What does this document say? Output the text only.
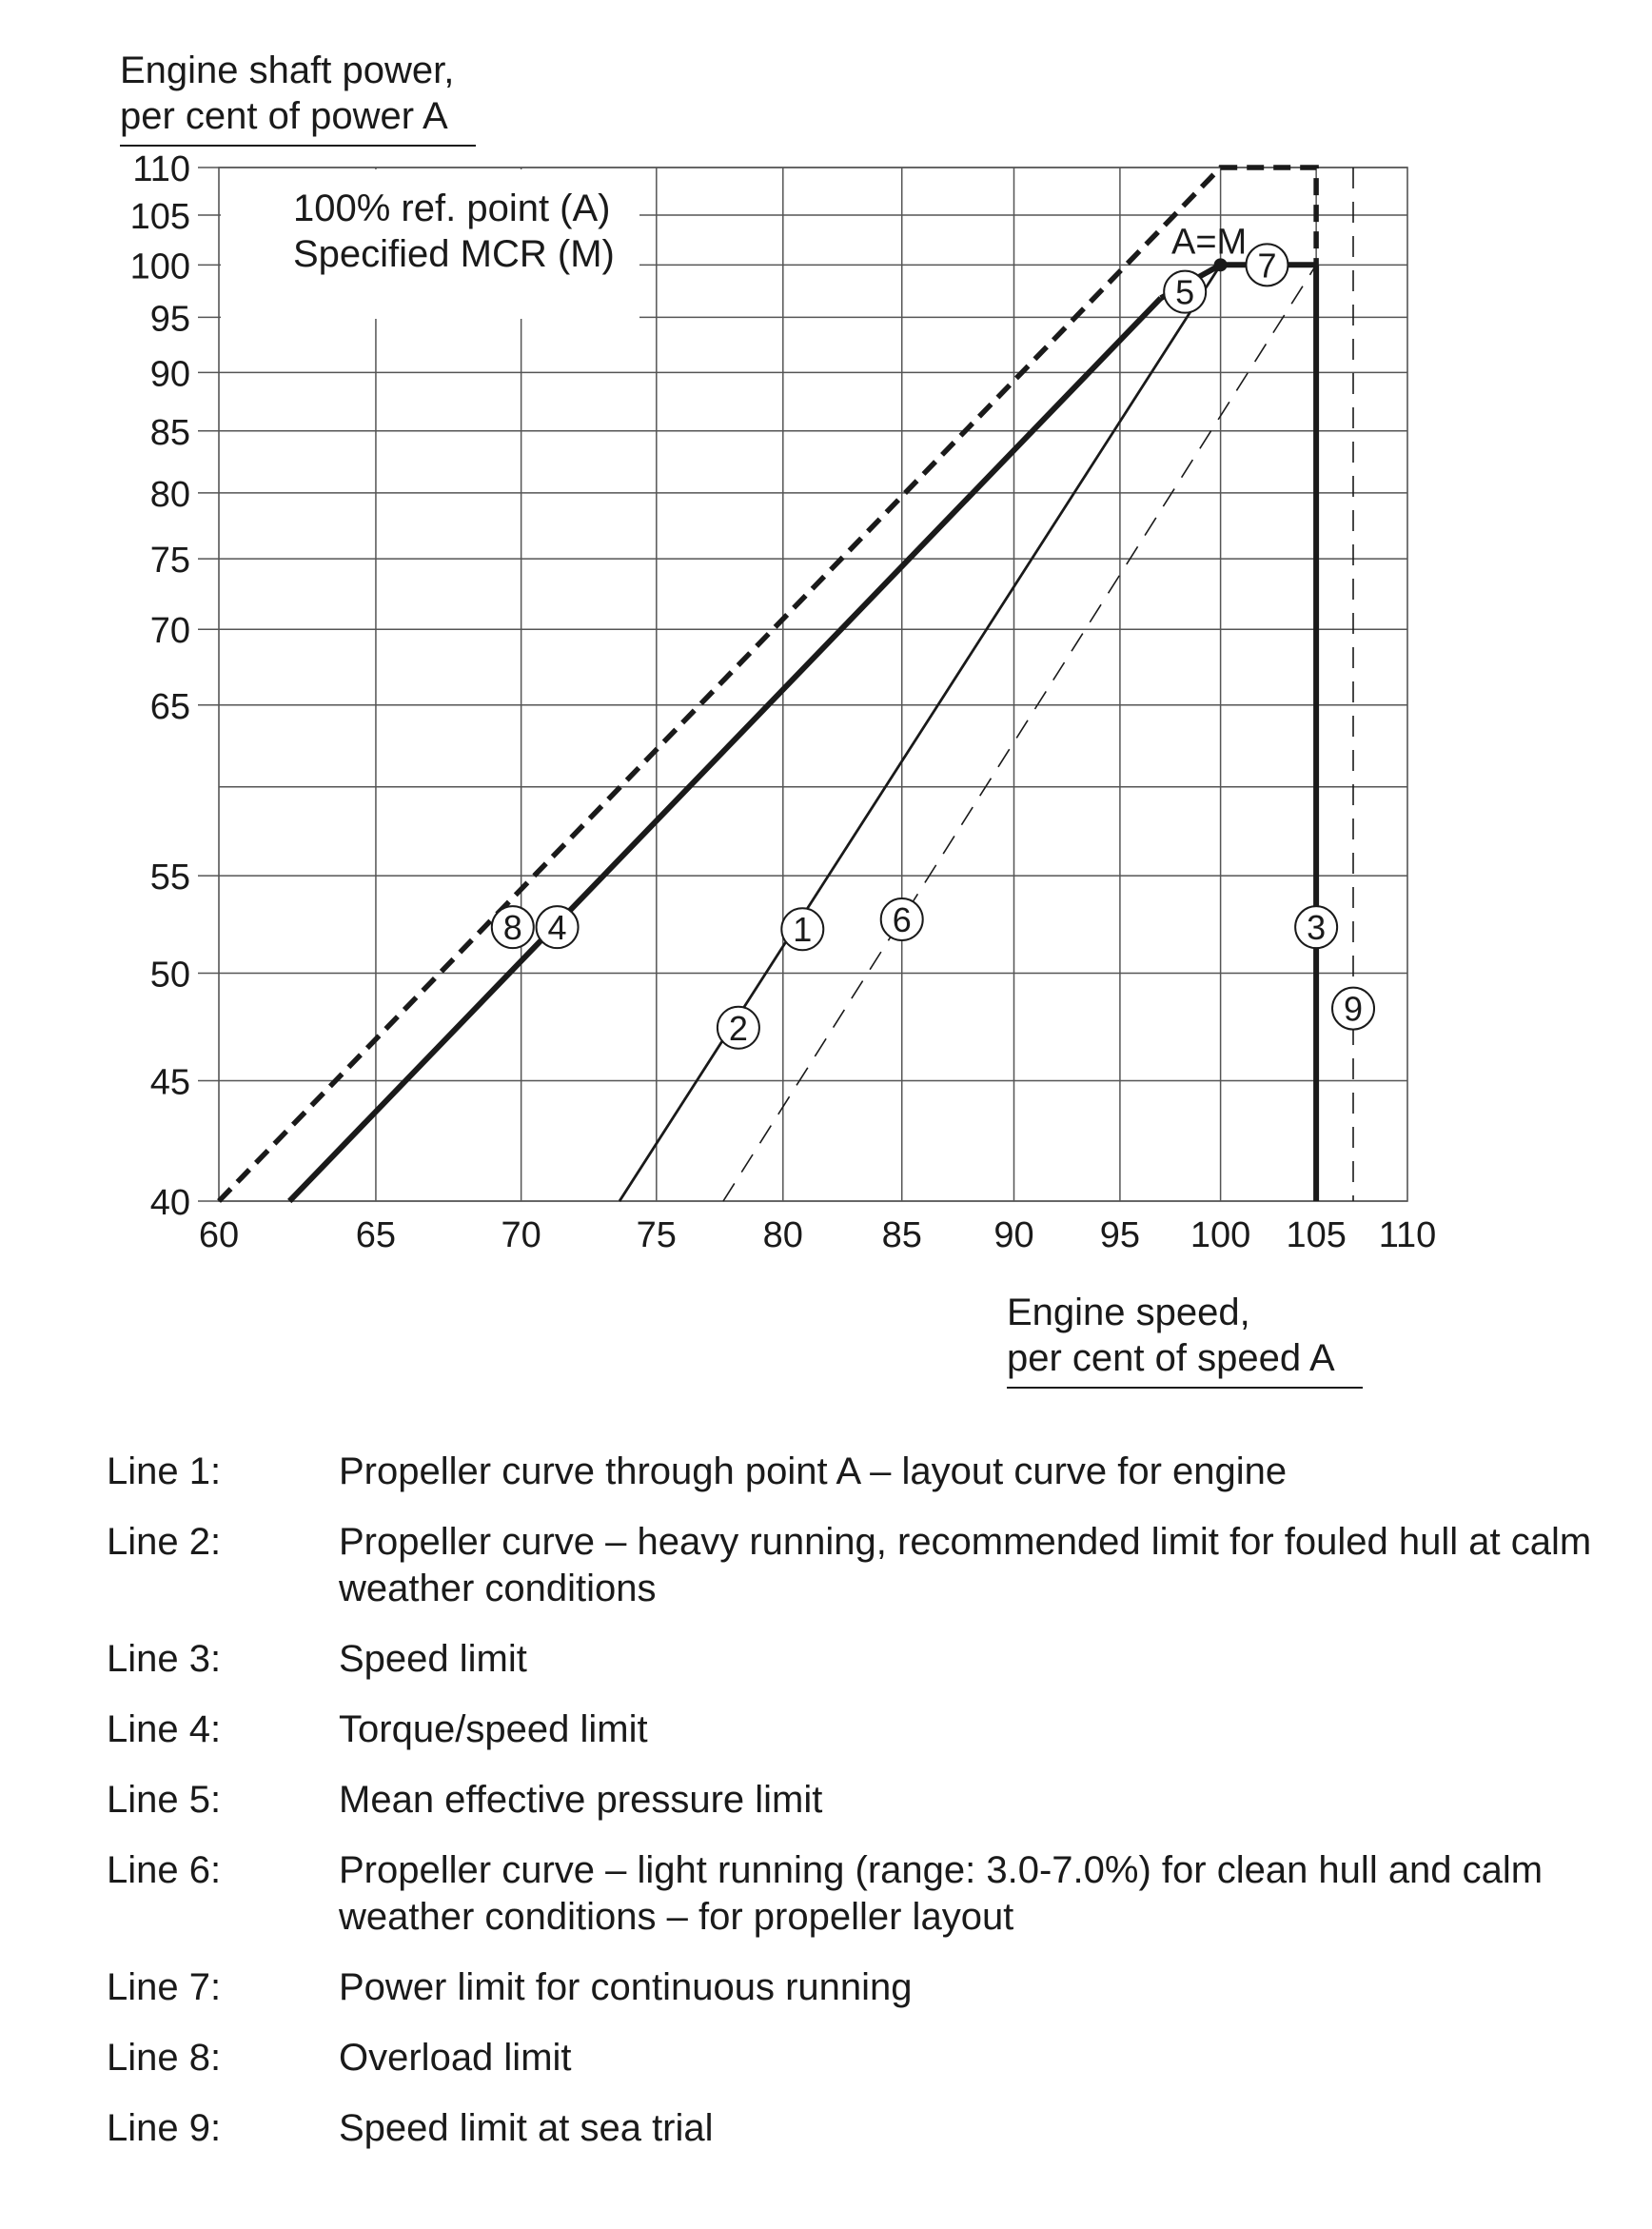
Engine shaft power,
per cent of power A
100% ref. point (A)
Specified MCR (M)
40
45
50
55
65
70
75
80
85
90
95
100
105
110
60	65	70	75 80 85 90 95 100 105 110
A=M
1
2
3
4
5
6
7
8
9
Engine speed,
per cent of speed A
Line 1:	Propeller curve through point A – layout curve for engine
Line 2:	Propeller curve – heavy running, recommended limit for fouled hull at calm weather conditions
Line 3:	Speed limit
Line 4:	Torque/speed limit
Line 5:	Mean effective pressure limit
Line 6:	Propeller curve – light running (range: 3.0-7.0%) for clean hull and calm weather conditions – for propeller layout
Line 7:	Power limit for continuous running
Line 8:	Overload limit
Line 9:	Speed limit at sea trial
